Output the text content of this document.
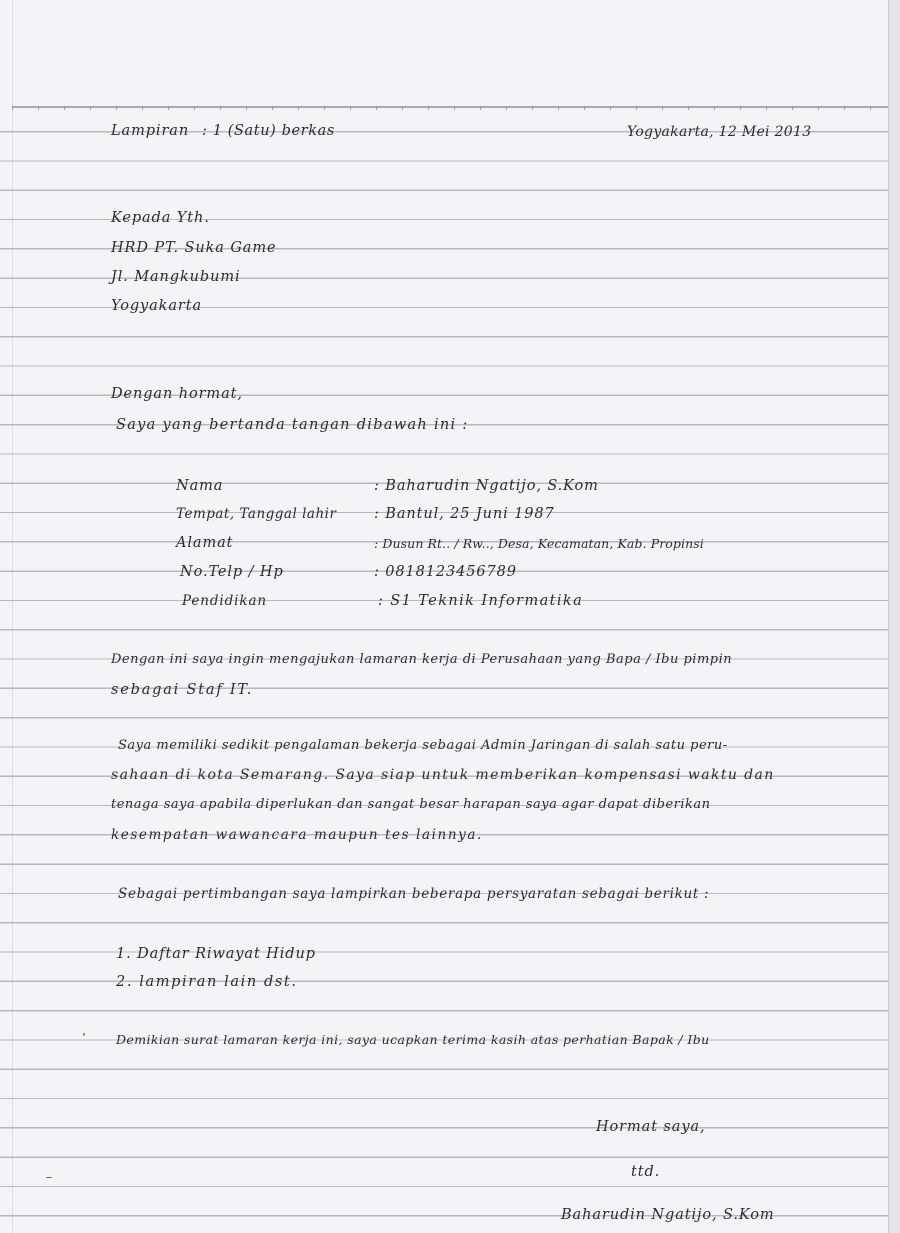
Lampiran : 1 (Satu) berkas	Yogyakarta, 12 Mei 2013
Kepada Yth.
HRD PT. Suka Game
Jl. Mangkubumi
Yogyakarta
Dengan hormat,
Saya yang bertanda tangan dibawah ini :
Nama	: Baharudin Ngatijo, S.Kom
Tempat, Tanggal lahir	: Bantul, 25 Juni 1987
Alamat	: Dusun Rt.. / Rw.., Desa, Kecamatan, Kab. Propinsi
No.Telp / Hp	: 0818123456789
Pendidikan	: S1 Teknik Informatika
Dengan ini saya ingin mengajukan lamaran kerja di Perusahaan yang Bapa / Ibu pimpin
sebagai Staf IT.
Saya memiliki sedikit pengalaman bekerja sebagai Admin Jaringan di salah satu peru-
sahaan di kota Semarang. Saya siap untuk memberikan kompensasi waktu dan
tenaga saya apabila diperlukan dan sangat besar harapan saya agar dapat diberikan
kesempatan wawancara maupun tes lainnya.
Sebagai pertimbangan saya lampirkan beberapa persyaratan sebagai berikut :
1. Daftar Riwayat Hidup
2. lampiran lain dst.
’ Demikian surat lamaran kerja ini, saya ucapkan terima kasih atas perhatian Bapak / Ibu
Hormat saya,
ttd.
–
Baharudin Ngatijo, S.Kom
